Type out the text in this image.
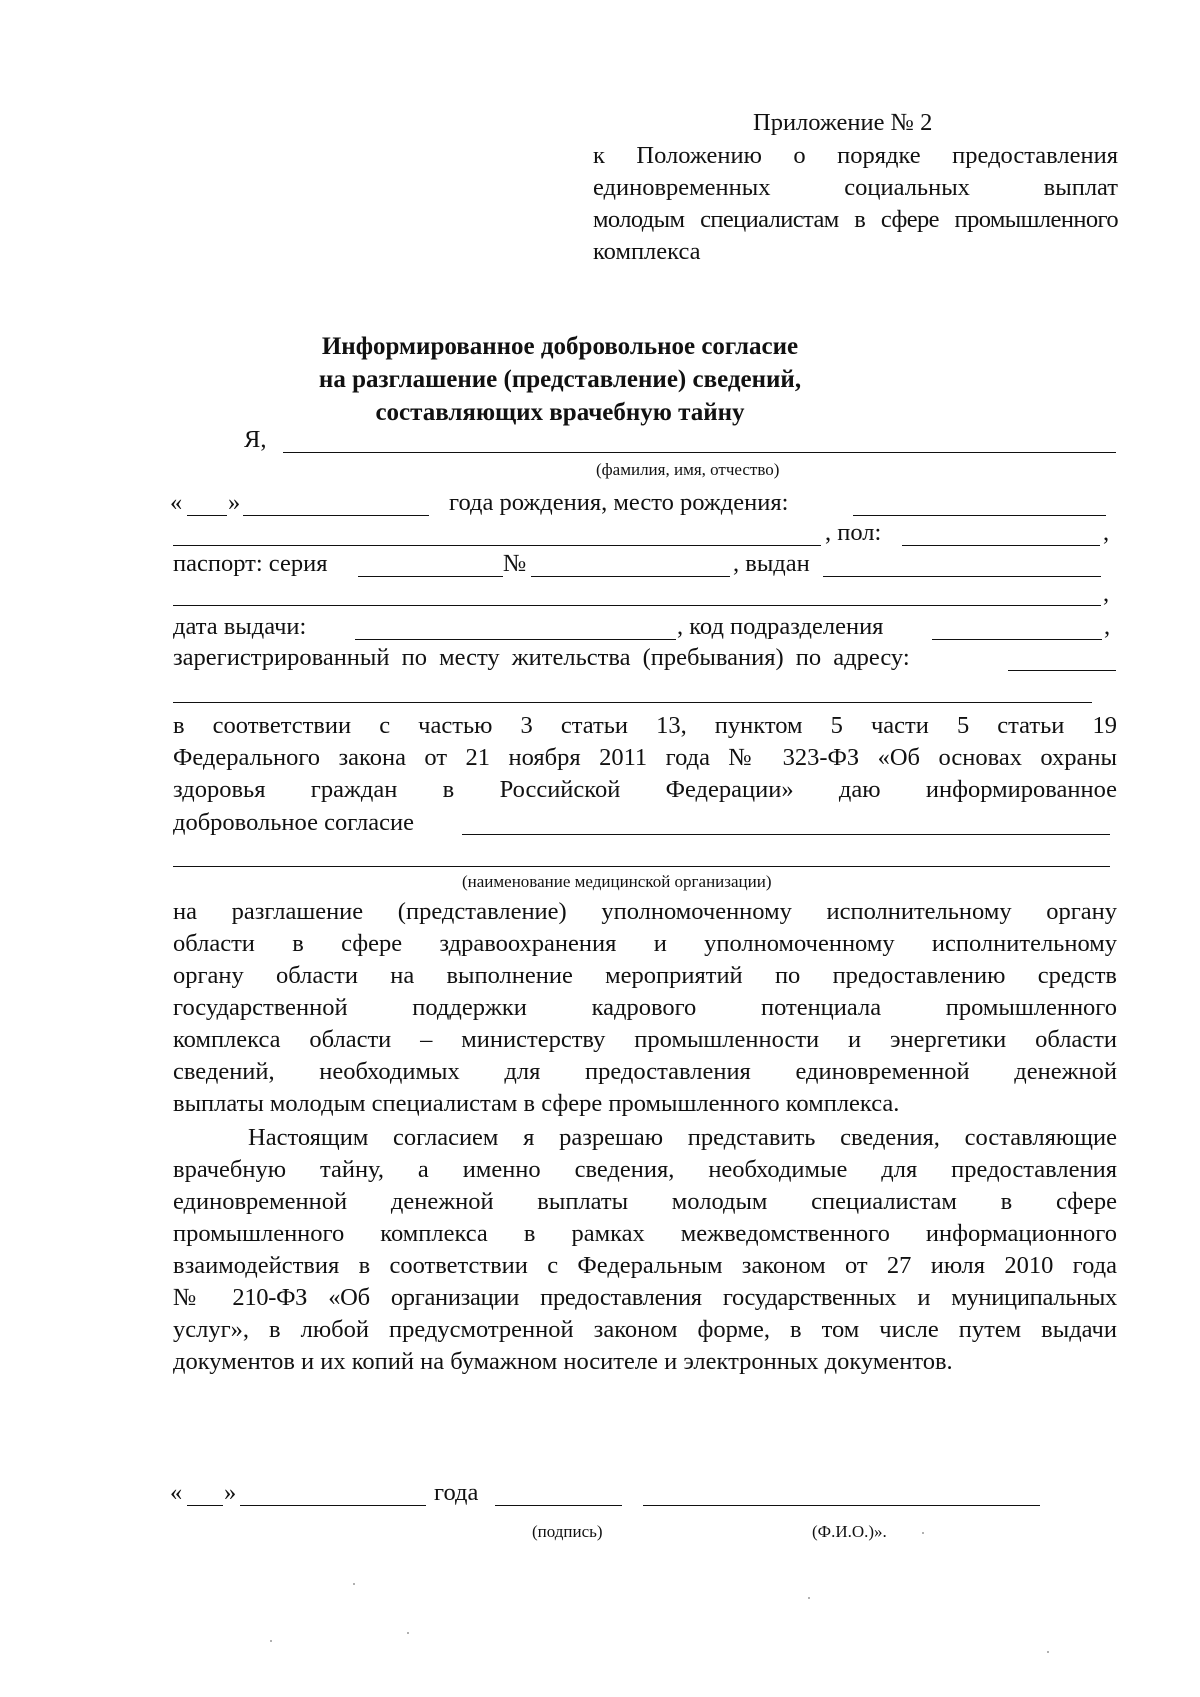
Приложение № 2
к Положению о порядке предоставления
единовременных социальных выплат
молодым специалистам в сфере промышленного
комплекса
Информированное добровольное согласие
на разглашение (представление) сведений,
составляющих врачебную тайну
Я,
(фамилия, имя, отчество)
« »	года рождения, место рождения:
, пол:	,
паспорт: серия	№	, выдан
,
дата выдачи:	, код подразделения	,
зарегистрированный по месту жительства (пребывания) по адресу:
в соответствии с частью 3 статьи 13, пунктом 5 части 5 статьи 19
Федерального закона от 21 ноября 2011 года № 323-ФЗ «Об основах охраны
здоровья граждан в Российской Федерации» даю информированное
добровольное согласие
(наименование медицинской организации)
на разглашение (представление) уполномоченному исполнительному органу
области в сфере здравоохранения и уполномоченному исполнительному
органу области на выполнение мероприятий по предоставлению средств
государственной поддержки кадрового потенциала промышленного
комплекса области – министерству промышленности и энергетики области
сведений, необходимых для предоставления единовременной денежной
выплаты молодым специалистам в сфере промышленного комплекса.
Настоящим согласием я разрешаю представить сведения, составляющие
врачебную тайну, а именно сведения, необходимые для предоставления
единовременной денежной выплаты молодым специалистам в сфере
промышленного комплекса в рамках межведомственного информационного
взаимодействия в соответствии с Федеральным законом от 27 июля 2010 года
№ 210-ФЗ «Об организации предоставления государственных и муниципальных
услуг», в любой предусмотренной законом форме, в том числе путем выдачи
документов и их копий на бумажном носителе и электронных документов.
« »	года
(подпись)	(Ф.И.О.)».
